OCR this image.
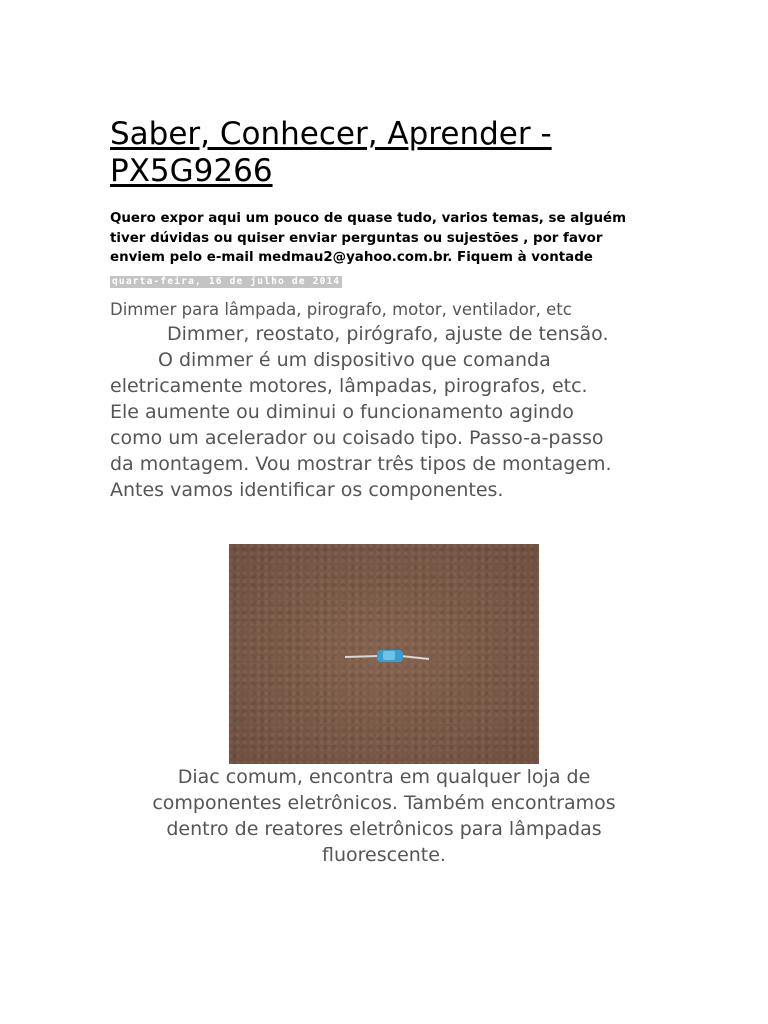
Saber, Conhecer, Aprender -
PX5G9266
Quero expor aqui um pouco de quase tudo, varios temas, se alguém
tiver dúvidas ou quiser enviar perguntas ou sujestões , por favor
enviem pelo e-mail medmau2@yahoo.com.br. Fiquem à vontade
quarta-feira, 16 de julho de 2014
Dimmer para lâmpada, pirografo, motor, ventilador, etc
Dimmer, reostato, pirógrafo, ajuste de tensão.
O dimmer é um dispositivo que comanda
eletricamente motores, lâmpadas, pirografos, etc.
Ele aumente ou diminui o funcionamento agindo
como um acelerador ou coisado tipo. Passo-a-passo
da montagem. Vou mostrar três tipos de montagem.
Antes vamos identificar os componentes.
Diac comum, encontra em qualquer loja de
componentes eletrônicos. Também encontramos
dentro de reatores eletrônicos para lâmpadas
fluorescente.
